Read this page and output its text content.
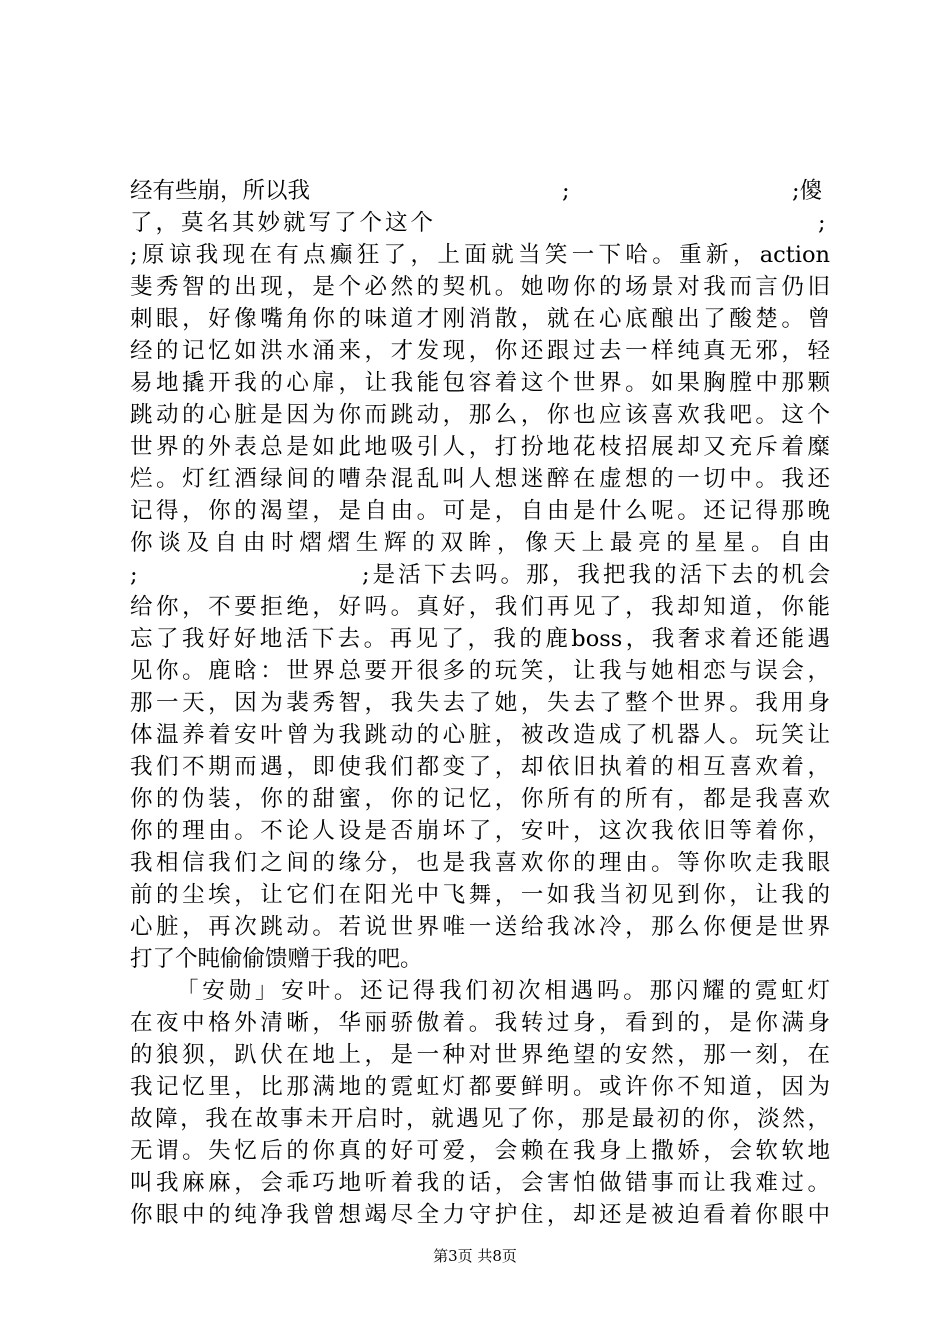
经有些崩，所以我	;	;傻
了，莫名其妙就写了个这个	;
;原谅我现在有点癫狂了，上面就当笑一下哈。重新，action
斐秀智的出现，是个必然的契机。她吻你的场景对我而言仍旧
刺眼，好像嘴角你的味道才刚消散，就在心底酿出了酸楚。曾
经的记忆如洪水涌来，才发现，你还跟过去一样纯真无邪，轻
易地撬开我的心扉，让我能包容着这个世界。如果胸膛中那颗
跳动的心脏是因为你而跳动，那么，你也应该喜欢我吧。这个
世界的外表总是如此地吸引人，打扮地花枝招展却又充斥着糜
烂。灯红酒绿间的嘈杂混乱叫人想迷醉在虚想的一切中。我还
记得，你的渴望，是自由。可是，自由是什么呢。还记得那晚
你谈及自由时熠熠生辉的双眸，像天上最亮的星星。自由
;	;是活下去吗。那，我把我的活下去的机会
给你，不要拒绝，好吗。真好，我们再见了，我却知道，你能
忘了我好好地活下去。再见了，我的鹿boss，我奢求着还能遇
见你。鹿晗：世界总要开很多的玩笑，让我与她相恋与误会，
那一天，因为裴秀智，我失去了她，失去了整个世界。我用身
体温养着安叶曾为我跳动的心脏，被改造成了机器人。玩笑让
我们不期而遇，即使我们都变了，却依旧执着的相互喜欢着，
你的伪装，你的甜蜜，你的记忆，你所有的所有，都是我喜欢
你的理由。不论人设是否崩坏了，安叶，这次我依旧等着你，
我相信我们之间的缘分，也是我喜欢你的理由。等你吹走我眼
前的尘埃，让它们在阳光中飞舞，一如我当初见到你，让我的
心脏，再次跳动。若说世界唯一送给我冰冷，那么你便是世界
打了个盹偷偷馈赠于我的吧。
「安勋」安叶。还记得我们初次相遇吗。那闪耀的霓虹灯
在夜中格外清晰，华丽骄傲着。我转过身，看到的，是你满身
的狼狈，趴伏在地上，是一种对世界绝望的安然，那一刻，在
我记忆里，比那满地的霓虹灯都要鲜明。或许你不知道，因为
故障，我在故事未开启时，就遇见了你，那是最初的你，淡然，
无谓。失忆后的你真的好可爱，会赖在我身上撒娇，会软软地
叫我麻麻，会乖巧地听着我的话，会害怕做错事而让我难过。
你眼中的纯净我曾想竭尽全力守护住，却还是被迫看着你眼中
第3页 共8页
